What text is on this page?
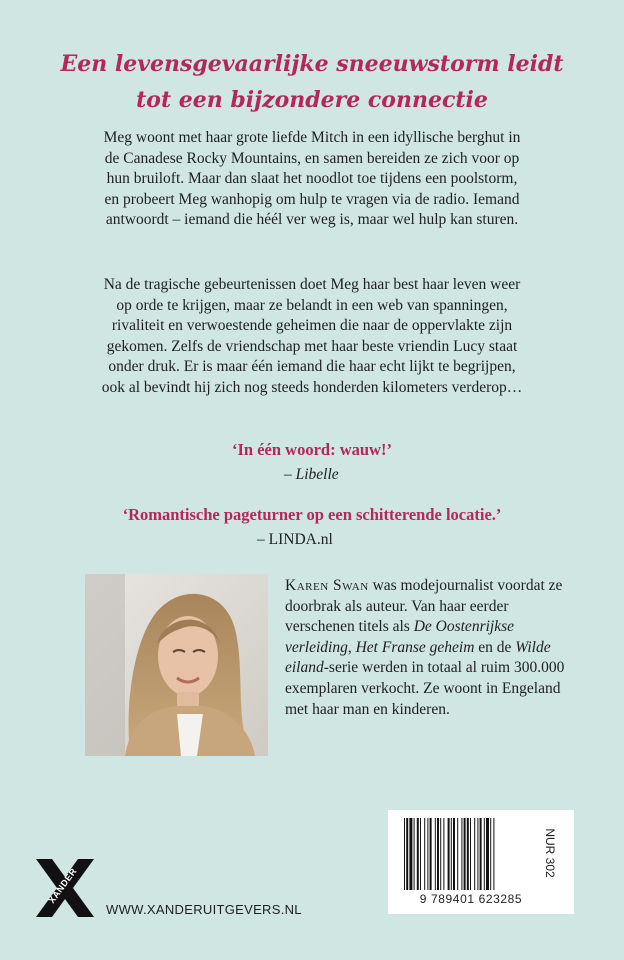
Een levensgevaarlijke sneeuwstorm leidt
tot een bijzondere connectie
Meg woont met haar grote liefde Mitch in een idyllische berghut in de Canadese Rocky Mountains, en samen bereiden ze zich voor op hun bruiloft. Maar dan slaat het noodlot toe tijdens een poolstorm, en probeert Meg wanhopig om hulp te vragen via de radio. Iemand antwoordt – iemand die héél ver weg is, maar wel hulp kan sturen.
Na de tragische gebeurtenissen doet Meg haar best haar leven weer op orde te krijgen, maar ze belandt in een web van spanningen, rivaliteit en verwoestende geheimen die naar de oppervlakte zijn gekomen. Zelfs de vriendschap met haar beste vriendin Lucy staat onder druk. Er is maar één iemand die haar echt lijkt te begrijpen, ook al bevindt hij zich nog steeds honderden kilometers verderop…
‘In één woord: wauw!’
– Libelle
‘Romantische pageturner op een schitterende locatie.’
– LINDA.nl
Karen Swan was modejournalist voordat ze doorbrak als auteur. Van haar eerder verschenen titels als De Oostenrijkse verleiding, Het Franse geheim en de Wilde eiland-serie werden in totaal al ruim 300.000 exemplaren verkocht. Ze woont in Engeland met haar man en kinderen.
XANDER
WWW.XANDERUITGEVERS.NL
NUR 302
9 789401 623285
